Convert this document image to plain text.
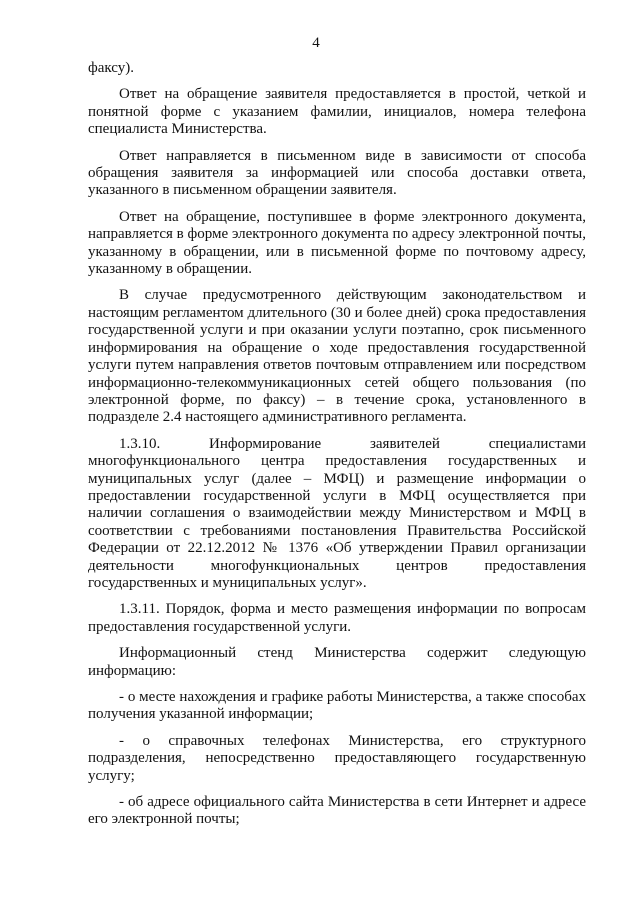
4

факсу).

Ответ на обращение заявителя предоставляется в простой, четкой и понятной форме с указанием фамилии, инициалов, номера телефона специалиста Министерства.

Ответ направляется в письменном виде в зависимости от способа обращения заявителя за информацией или способа доставки ответа, указанного в письменном обращении заявителя.

Ответ на обращение, поступившее в форме электронного документа, направляется в форме электронного документа по адресу электронной почты, указанному в обращении, или в письменной форме по почтовому адресу, указанному в обращении.

В случае предусмотренного действующим законодательством и настоящим регламентом длительного (30 и более дней) срока предоставления государственной услуги и при оказании услуги поэтапно, срок письменного информирования на обращение о ходе предоставления государственной услуги путем направления ответов почтовым отправлением или посредством информационно-телекоммуникационных сетей общего пользования (по электронной форме, по факсу) – в течение срока, установленного в подразделе 2.4 настоящего административного регламента.

1.3.10. Информирование заявителей специалистами многофункционального центра предоставления государственных и муниципальных услуг (далее – МФЦ) и размещение информации о предоставлении государственной услуги в МФЦ осуществляется при наличии соглашения о взаимодействии между Министерством и МФЦ в соответствии с требованиями постановления Правительства Российской Федерации от 22.12.2012 № 1376 «Об утверждении Правил организации деятельности многофункциональных центров предоставления государственных и муниципальных услуг».

1.3.11. Порядок, форма и место размещения информации по вопросам предоставления государственной услуги.

Информационный стенд Министерства содержит следующую информацию:

- о месте нахождения и графике работы Министерства, а также способах получения указанной информации;

- о справочных телефонах Министерства, его структурного подразделения, непосредственно предоставляющего государственную услугу;

- об адресе официального сайта Министерства в сети Интернет и адресе его электронной почты;
